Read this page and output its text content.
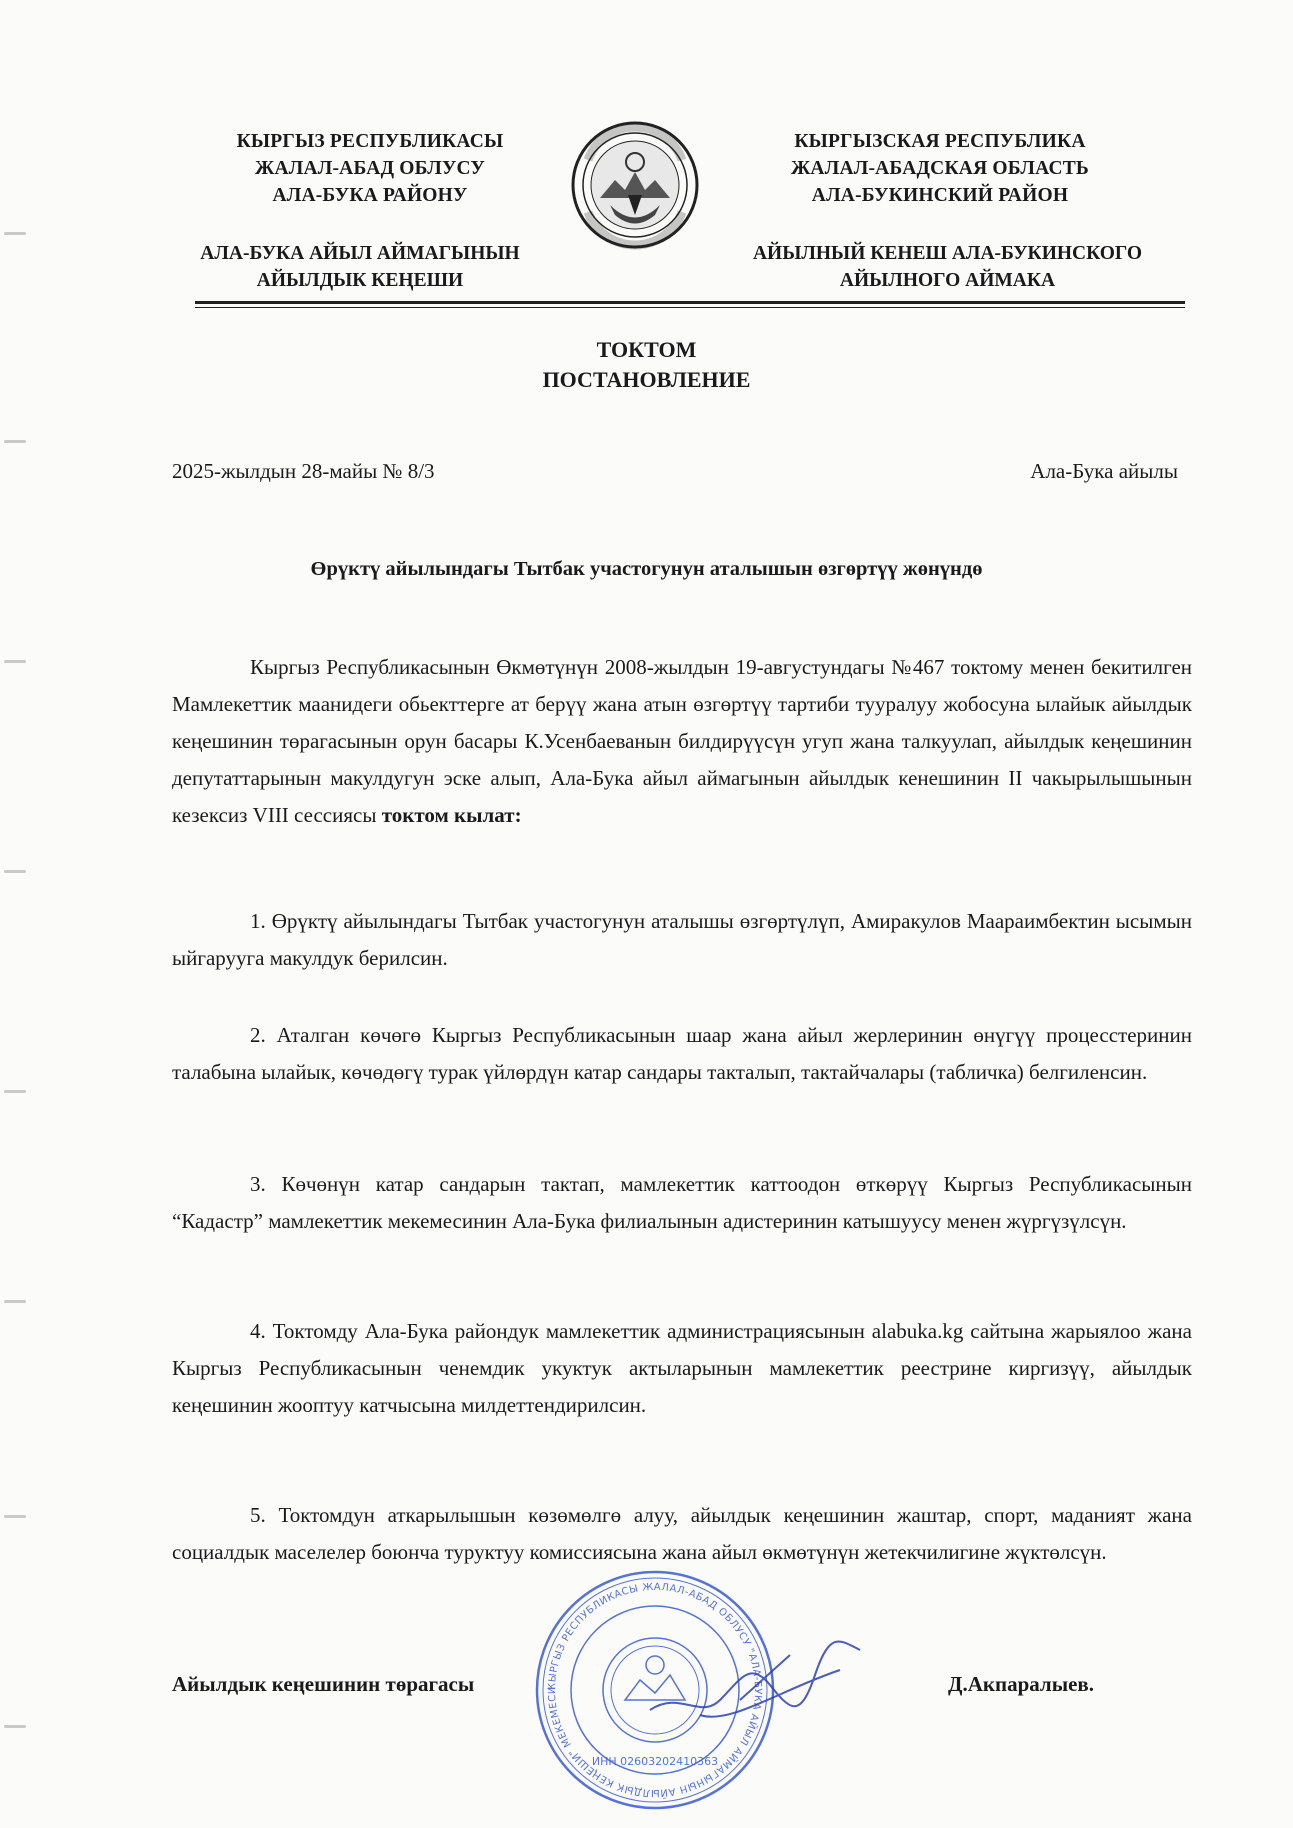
КЫРГЫЗ РЕСПУБЛИКАСЫ
ЖАЛАЛ-АБАД ОБЛУСУ
АЛА-БУКА РАЙОНУ
КЫРГЫЗСКАЯ РЕСПУБЛИКА
ЖАЛАЛ-АБАДСКАЯ ОБЛАСТЬ
АЛА-БУКИНСКИЙ РАЙОН
АЛА-БУКА АЙЫЛ АЙМАГЫНЫН
АЙЫЛДЫК КЕҢЕШИ
АЙЫЛНЫЙ КЕНЕШ АЛА-БУКИНСКОГО
АЙЫЛНОГО АЙМАКА
ТОКТОМ
ПОСТАНОВЛЕНИЕ
2025-жылдын 28-майы № 8/3	Ала-Бука айылы
Өрүктү айылындагы Тытбак участогунун аталышын өзгөртүү жөнүндө
Кыргыз Республикасынын Өкмөтүнүн 2008-жылдын 19-августундагы №467 токтому менен бекитилген Мамлекеттик маанидеги обьекттерге ат берүү жана атын өзгөртүү тартиби тууралуу жобосуна ылайык айылдык кеңешинин төрагасынын орун басары К.Усенбаеванын билдирүүсүн угуп жана талкуулап, айылдык кеңешинин депутаттарынын макулдугун эске алып, Ала-Бука айыл аймагынын айылдык кенешинин II чакырылышынын кезексиз VIII сессиясы токтом кылат:
1. Өрүктү айылындагы Тытбак участогунун аталышы өзгөртүлүп, Амиракулов Маараимбектин ысымын ыйгарууга макулдук берилсин.
2. Аталган көчөгө Кыргыз Республикасынын шаар жана айыл жерлеринин өнүгүү процесстеринин талабына ылайык, көчөдөгү турак үйлөрдүн катар сандары такталып, тактайчалары (табличка) белгиленсин.
3. Көчөнүн катар сандарын тактап, мамлекеттик каттоодон өткөрүү Кыргыз Республикасынын “Кадастр” мамлекеттик мекемесинин Ала-Бука филиалынын адистеринин катышуусу менен жүргүзүлсүн.
4. Токтомду Ала-Бука райондук мамлекеттик администрациясынын alabuka.kg сайтына жарыялоо жана Кыргыз Республикасынын ченемдик укуктук актыларынын мамлекеттик реестрине киргизүү, айылдык кеңешинин жооптуу катчысына милдеттендирилсин.
5. Токтомдун аткарылышын көзөмөлгө алуу, айылдык кеңешинин жаштар, спорт, маданият жана социалдык маселелер боюнча туруктуу комиссиясына жана айыл өкмөтүнүн жетекчилигине жүктөлсүн.
Айылдык кеңешинин төрагасы	Д.Акпаралыев.
КЫРГЫЗ РЕСПУБЛИКАСЫ ЖАЛАЛ-АБАД ОБЛУСУ "АЛА-БУКА АЙЫЛ АЙМАГЫНЫН АЙЫЛДЫК КЕҢЕШИ" МЕКЕМЕСИ
ИНН 02603202410363
